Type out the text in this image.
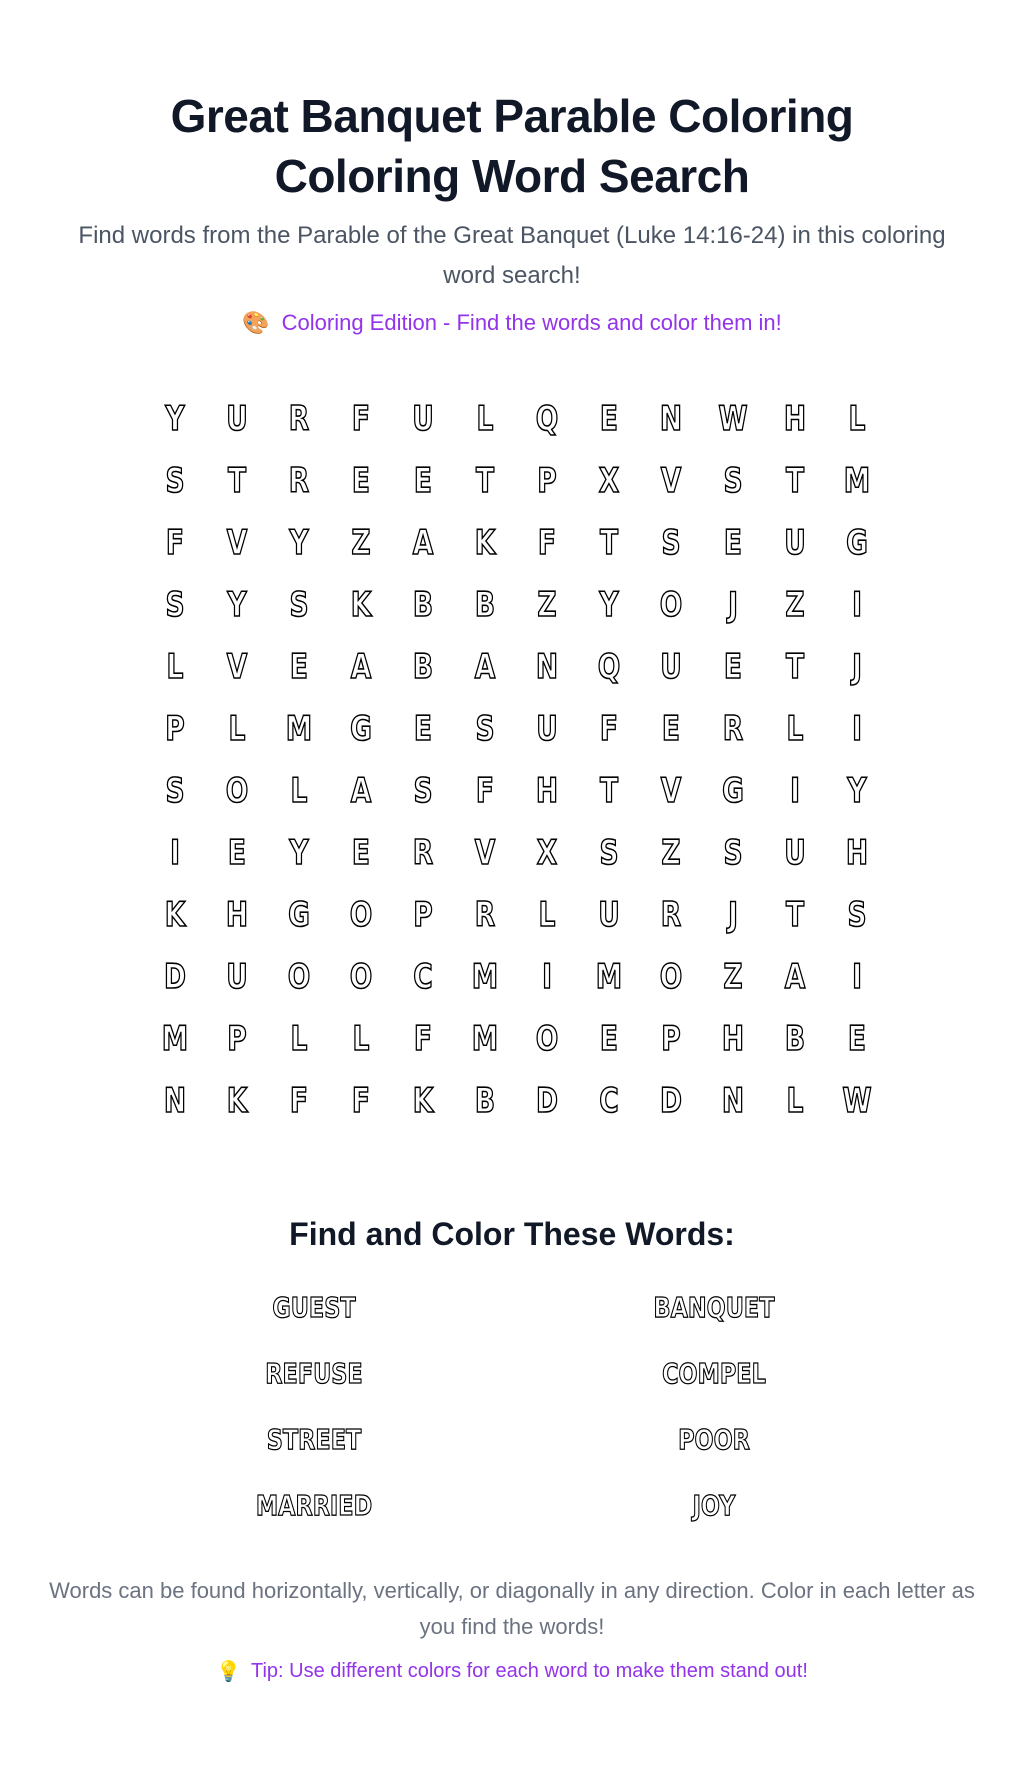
Great Banquet Parable Coloring Coloring Word Search

Find words from the Parable of the Great Banquet (Luke 14:16-24) in this coloring word search!

🎨 Coloring Edition - Find the words and color them in!
Y	U	R	F	U	L	Q	E	N	W	H	L
S	T	R	E	E	T	P	X	V	S	T	M
F	V	Y	Z	A	K	F	T	S	E	U	G
S	Y	S	K	B	B	Z	Y	O	J	Z	I
L	V	E	A	B	A	N	Q	U	E	T	J
P	L	M	G	E	S	U	F	E	R	L	I
S	O	L	A	S	F	H	T	V	G	I	Y
I	E	Y	E	R	V	X	S	Z	S	U	H
K	H	G	O	P	R	L	U	R	J	T	S
D	U	O	O	C	M	I	M	O	Z	A	I
M	P	L	L	F	M	O	E	P	H	B	E
N	K	F	F	K	B	D	C	D	N	L	W
Find and Color These Words:
GUEST	BANQUET
REFUSE	COMPEL
STREET	POOR
MARRIED	JOY

Words can be found horizontally, vertically, or diagonally in any direction. Color in each letter as you find the words!

💡 Tip: Use different colors for each word to make them stand out!
